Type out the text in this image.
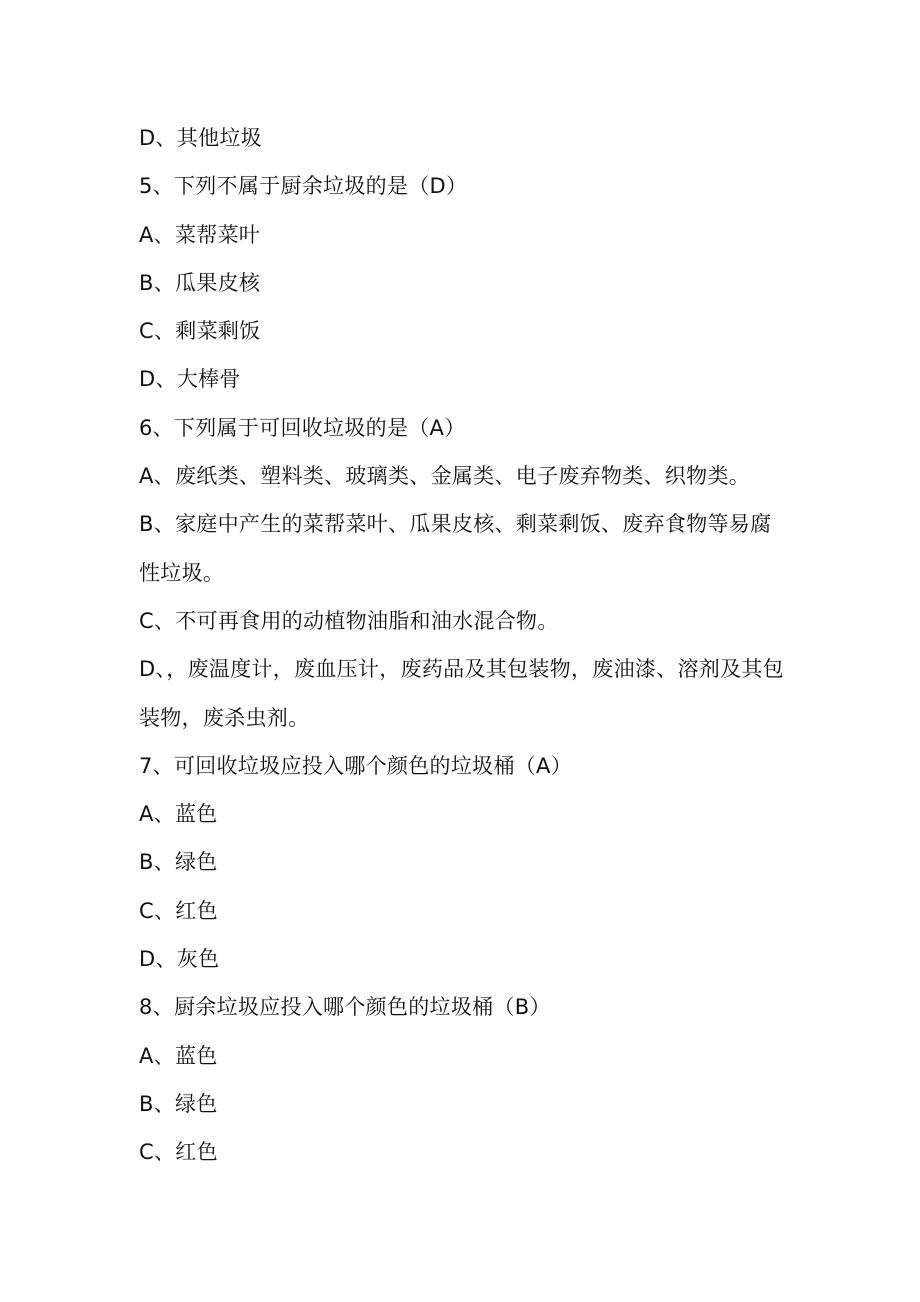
D、其他垃圾
5、下列不属于厨余垃圾的是（D）
A、菜帮菜叶
B、瓜果皮核
C、剩菜剩饭
D、大棒骨
6、下列属于可回收垃圾的是（A）
A、废纸类、塑料类、玻璃类、金属类、电子废弃物类、织物类。
B、家庭中产生的菜帮菜叶、瓜果皮核、剩菜剩饭、废弃食物等易腐
性垃圾。
C、不可再食用的动植物油脂和油水混合物。
D、，废温度计，废血压计，废药品及其包装物，废油漆、溶剂及其包
装物，废杀虫剂。
7、可回收垃圾应投入哪个颜色的垃圾桶（A）
A、蓝色
B、绿色
C、红色
D、灰色
8、厨余垃圾应投入哪个颜色的垃圾桶（B）
A、蓝色
B、绿色
C、红色
